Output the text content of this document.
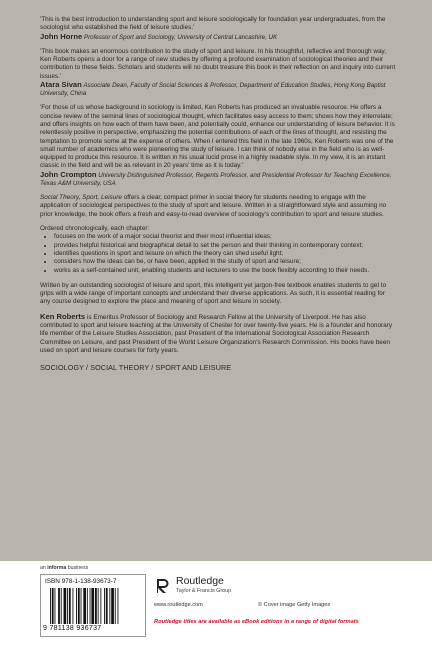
'This is the best introduction to understanding sport and leisure sociologically for foundation year undergraduates, from the sociologist who established the field of leisure studies.'

John Horne Professor of Sport and Sociology, University of Central Lancashire, UK

'This book makes an enormous contribution to the study of sport and leisure. In his thoughtful, reflective and thorough way, Ken Roberts opens a door for a range of new studies by offering a profound examination of sociological theories and their contribution to these fields. Scholars and students will no doubt treasure this book in their reflection on and inquiry into current issues.'

Atara Sivan Associate Dean, Faculty of Social Sciences & Professor, Department of Education Studies, Hong Kong Baptist University, China

'For those of us whose background in sociology is limited, Ken Roberts has produced an invaluable resource. He offers a concise review of the seminal lines of sociological thought, which facilitates easy access to them; shows how they interrelate; and offers insights on how each of them have been, and potentially could, enhance our understanding of leisure behavior. It is relentlessly positive in perspective, emphasizing the potential contributions of each of the lines of thought, and resisting the temptation to promote some at the expense of others. When I entered this field in the late 1960s, Ken Roberts was one of the small number of academics who were pioneering the study of leisure. I can think of nobody else in the field who is as well-equipped to produce this resource. It is written in his usual lucid prose in a highly readable style. In my view, it is an instant classic in the field and will be as relevant in 20 years' time as it is today.'

John Crompton University Distinguished Professor, Regents Professor, and Presidential Professor for Teaching Excellence, Texas A&M University, USA

Social Theory, Sport, Leisure offers a clear, compact primer in social theory for students needing to engage with the application of sociological perspectives to the study of sport and leisure. Written in a straightforward style and assuming no prior knowledge, the book offers a fresh and easy-to-read overview of sociology's contribution to sport and leisure studies.

Ordered chronologically, each chapter:

• focuses on the work of a major social theorist and their most influential ideas;
• provides helpful historical and biographical detail to set the person and their thinking in contemporary context;
• identifies questions in sport and leisure on which the theory can shed useful light;
• considers how the ideas can be, or have been, applied in the study of sport and leisure;
• works as a self-contained unit, enabling students and lecturers to use the book flexibly according to their needs.

Written by an outstanding sociologist of leisure and sport, this intelligent yet jargon-free textbook enables students to get to grips with a wide range of important concepts and understand their diverse applications. As such, it is essential reading for any course designed to explore the place and meaning of sport and leisure in society.

Ken Roberts is Emeritus Professor of Sociology and Research Fellow at the University of Liverpool. He has also contributed to sport and leisure teaching at the University of Chester for over twenty-five years. He is a founder and honorary life member of the Leisure Studies Association, past President of the International Sociological Association Research Committee on Leisure, and past President of the World Leisure Organization's Research Commission. His books have been used on sport and leisure courses for forty years.

SOCIOLOGY / SOCIAL THEORY / SPORT AND LEISURE
an informa business
ISBN 978-1-138-93673-7
9 781138 936737
Routledge
Taylor & Francis Group
www.routledge.com	© Cover image Getty Images
Routledge titles are available as eBook editions in a range of digital formats
